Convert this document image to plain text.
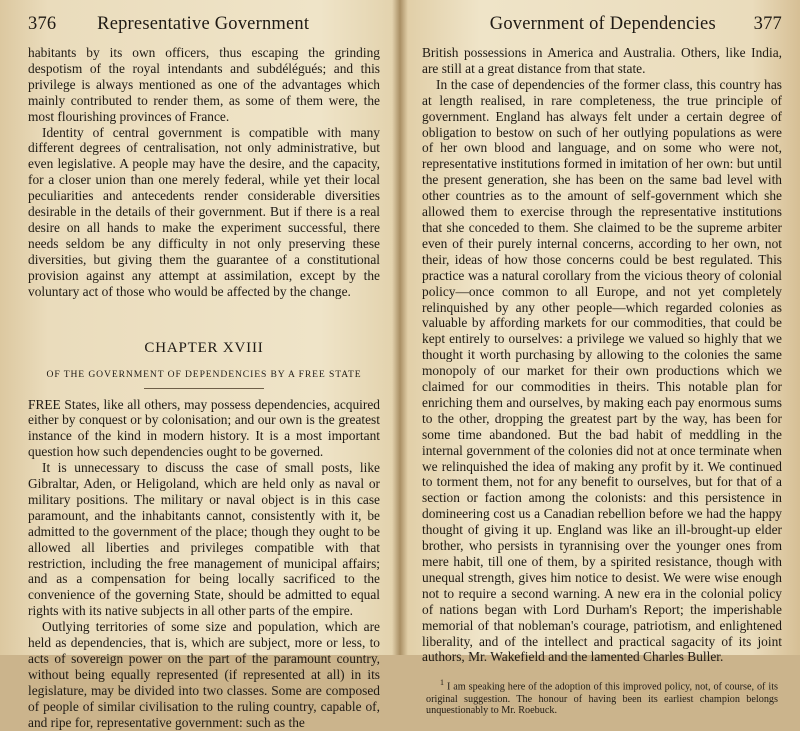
376 Representative Government

habitants by its own officers, thus escaping the grinding despotism of the royal intendants and subdélégués; and this privilege is always mentioned as one of the advantages which mainly contributed to render them, as some of them were, the most flourishing provinces of France.

Identity of central government is compatible with many different degrees of centralisation, not only administrative, but even legislative. A people may have the desire, and the capacity, for a closer union than one merely federal, while yet their local peculiarities and antecedents render considerable diversities desirable in the details of their government. But if there is a real desire on all hands to make the experiment successful, there needs seldom be any difficulty in not only preserving these diversities, but giving them the guarantee of a constitutional provision against any attempt at assimilation, except by the voluntary act of those who would be affected by the change.

CHAPTER XVIII
OF THE GOVERNMENT OF DEPENDENCIES BY A FREE STATE

FREE States, like all others, may possess dependencies, acquired either by conquest or by colonisation; and our own is the greatest instance of the kind in modern history. It is a most important question how such dependencies ought to be governed.

It is unnecessary to discuss the case of small posts, like Gibraltar, Aden, or Heligoland, which are held only as naval or military positions. The military or naval object is in this case paramount, and the inhabitants cannot, consistently with it, be admitted to the government of the place; though they ought to be allowed all liberties and privileges compatible with that restriction, including the free management of municipal affairs; and as a compensation for being locally sacrificed to the convenience of the governing State, should be admitted to equal rights with its native subjects in all other parts of the empire.

Outlying territories of some size and population, which are held as dependencies, that is, which are subject, more or less, to acts of sovereign power on the part of the paramount country, without being equally represented (if represented at all) in its legislature, may be divided into two classes. Some are composed of people of similar civilisation to the ruling country, capable of, and ripe for, representative government: such as the

Government of Dependencies 377

British possessions in America and Australia. Others, like India, are still at a great distance from that state.

In the case of dependencies of the former class, this country has at length realised, in rare completeness, the true principle of government. England has always felt under a certain degree of obligation to bestow on such of her outlying populations as were of her own blood and language, and on some who were not, representative institutions formed in imitation of her own: but until the present generation, she has been on the same bad level with other countries as to the amount of self-government which she allowed them to exercise through the representative institutions that she conceded to them. She claimed to be the supreme arbiter even of their purely internal concerns, according to her own, not their, ideas of how those concerns could be best regulated. This practice was a natural corollary from the vicious theory of colonial policy—once common to all Europe, and not yet completely relinquished by any other people—which regarded colonies as valuable by affording markets for our commodities, that could be kept entirely to ourselves: a privilege we valued so highly that we thought it worth purchasing by allowing to the colonies the same monopoly of our market for their own productions which we claimed for our commodities in theirs. This notable plan for enriching them and ourselves, by making each pay enormous sums to the other, dropping the greatest part by the way, has been for some time abandoned. But the bad habit of meddling in the internal government of the colonies did not at once terminate when we relinquished the idea of making any profit by it. We continued to torment them, not for any benefit to ourselves, but for that of a section or faction among the colonists: and this persistence in domineering cost us a Canadian rebellion before we had the happy thought of giving it up. England was like an ill-brought-up elder brother, who persists in tyrannising over the younger ones from mere habit, till one of them, by a spirited resistance, though with unequal strength, gives him notice to desist. We were wise enough not to require a second warning. A new era in the colonial policy of nations began with Lord Durham's Report; the imperishable memorial of that nobleman's courage, patriotism, and enlightened liberality, and of the intellect and practical sagacity of its joint authors, Mr. Wakefield and the lamented Charles Buller.

$^1$ I am speaking here of the adoption of this improved policy, not, of course, of its original suggestion. The honour of having been its earliest champion belongs unquestionably to Mr. Roebuck.
